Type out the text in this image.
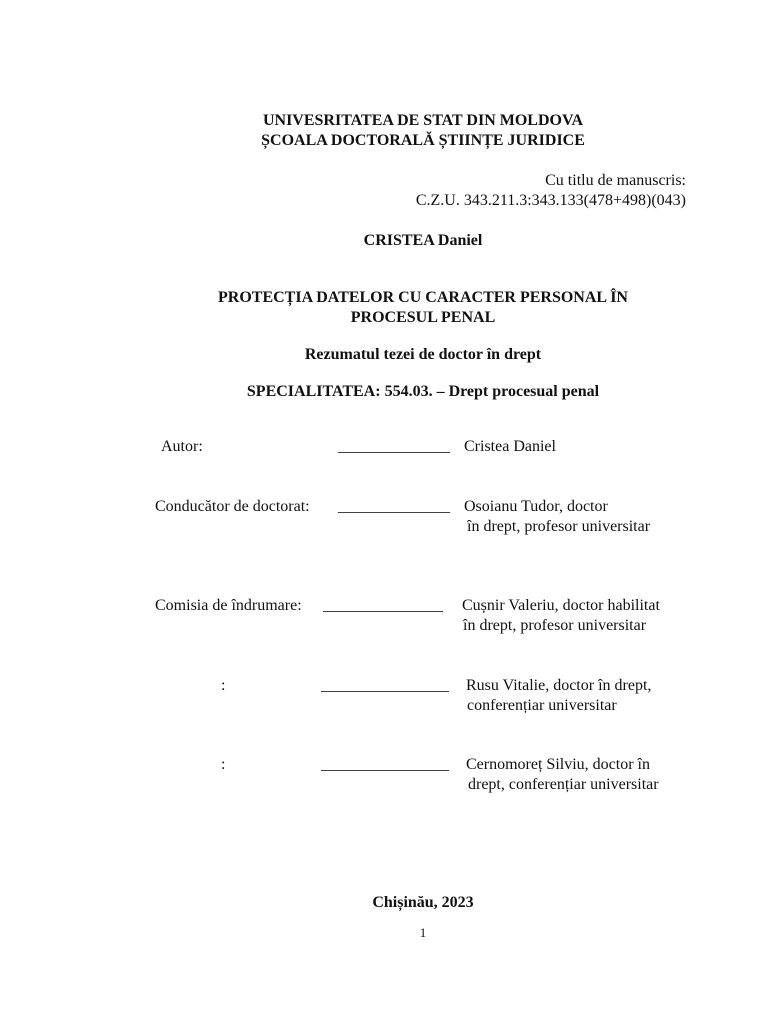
UNIVESRITATEA DE STAT DIN MOLDOVA
ȘCOALA DOCTORALĂ ȘTIINȚE JURIDICE
Cu titlu de manuscris:
C.Z.U. 343.211.3:343.133(478+498)(043)
CRISTEA Daniel
PROTECȚIA DATELOR CU CARACTER PERSONAL ÎN
PROCESUL PENAL
Rezumatul tezei de doctor în drept
SPECIALITATEA: 554.03. – Drept procesual penal
Autor:	______________ Cristea Daniel
Conducător de doctorat: ______________ Osoianu Tudor, doctor
în drept, profesor universitar
Comisia de îndrumare: _______________ Cușnir Valeriu, doctor habilitat
în drept, profesor universitar
:	________________ Rusu Vitalie, doctor în drept,
conferențiar universitar
:	________________ Cernomoreț Silviu, doctor în
drept, conferențiar universitar
Chișinău, 2023
1
